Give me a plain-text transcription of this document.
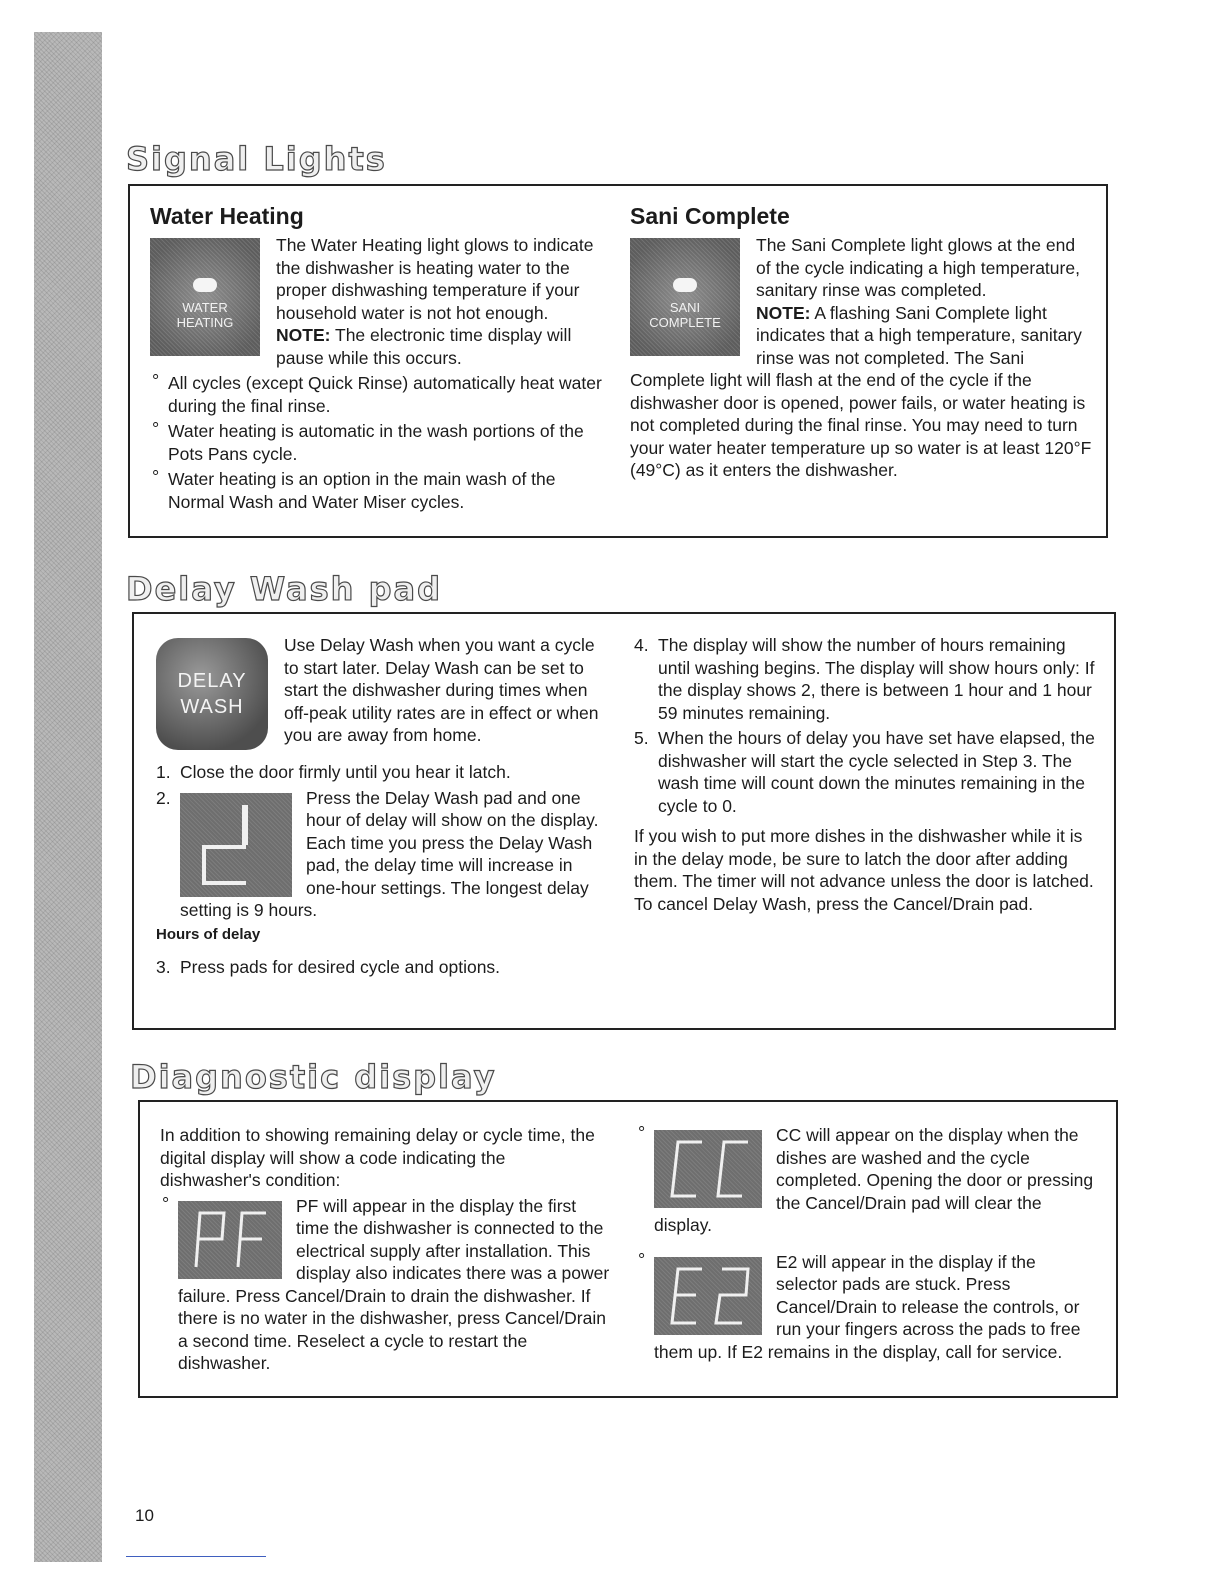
Signal Lights
Water Heating
WATER
HEATING

The Water Heating light glows to indicate the dishwasher is heating water to the proper dishwashing temperature if your household water is not hot enough.

NOTE: The electronic time display will pause while this occurs.

° All cycles (except Quick Rinse) automatically heat water during the final rinse.
° Water heating is automatic in the wash portions of the Pots Pans cycle.
° Water heating is an option in the main wash of the Normal Wash and Water Miser cycles.
Sani Complete
SANI
COMPLETE

The Sani Complete light glows at the end of the cycle indicating a high temperature, sanitary rinse was completed.

NOTE: A flashing Sani Complete light indicates that a high temperature, sanitary rinse was not completed. The Sani Complete light will flash at the end of the cycle if the dishwasher door is opened, power fails, or water heating is not completed during the final rinse. You may need to turn your water heater temperature up so water is at least 120°F (49°C) as it enters the dishwasher.

Delay Wash pad
DELAY
WASH

Use Delay Wash when you want a cycle to start later. Delay Wash can be set to start the dishwasher during times when off-peak utility rates are in effect or when you are away from home.

1. Close the door firmly until you hear it latch.
2.	Press the Delay Wash pad and one hour of delay will show on the display. Each time you press the Delay Wash pad, the delay time will increase in one-hour settings. The longest delay setting is 9 hours.
Hours of delay
3. Press pads for desired cycle and options.
4. The display will show the number of hours remaining until washing begins. The display will show hours only: If the display shows 2, there is between 1 hour and 1 hour 59 minutes remaining.
5. When the hours of delay you have set have elapsed, the dishwasher will start the cycle selected in Step 3. The wash time will count down the minutes remaining in the cycle to 0.

If you wish to put more dishes in the dishwasher while it is in the delay mode, be sure to latch the door after adding them. The timer will not advance unless the door is latched. To cancel Delay Wash, press the Cancel/Drain pad.

Diagnostic display

In addition to showing remaining delay or cycle time, the digital display will show a code indicating the dishwasher's condition:

° PF will appear in the display the first time the dishwasher is connected to the electrical supply after installation. This display also indicates there was a power failure. Press Cancel/Drain to drain the dishwasher. If there is no water in the dishwasher, press Cancel/Drain a second time. Reselect a cycle to restart the dishwasher.
° CC will appear on the display when the dishes are washed and the cycle completed. Opening the door or pressing the Cancel/Drain pad will clear the display.
° E2 will appear in the display if the selector pads are stuck. Press Cancel/Drain to release the controls, or run your fingers across the pads to free them up. If E2 remains in the display, call for service.
10
